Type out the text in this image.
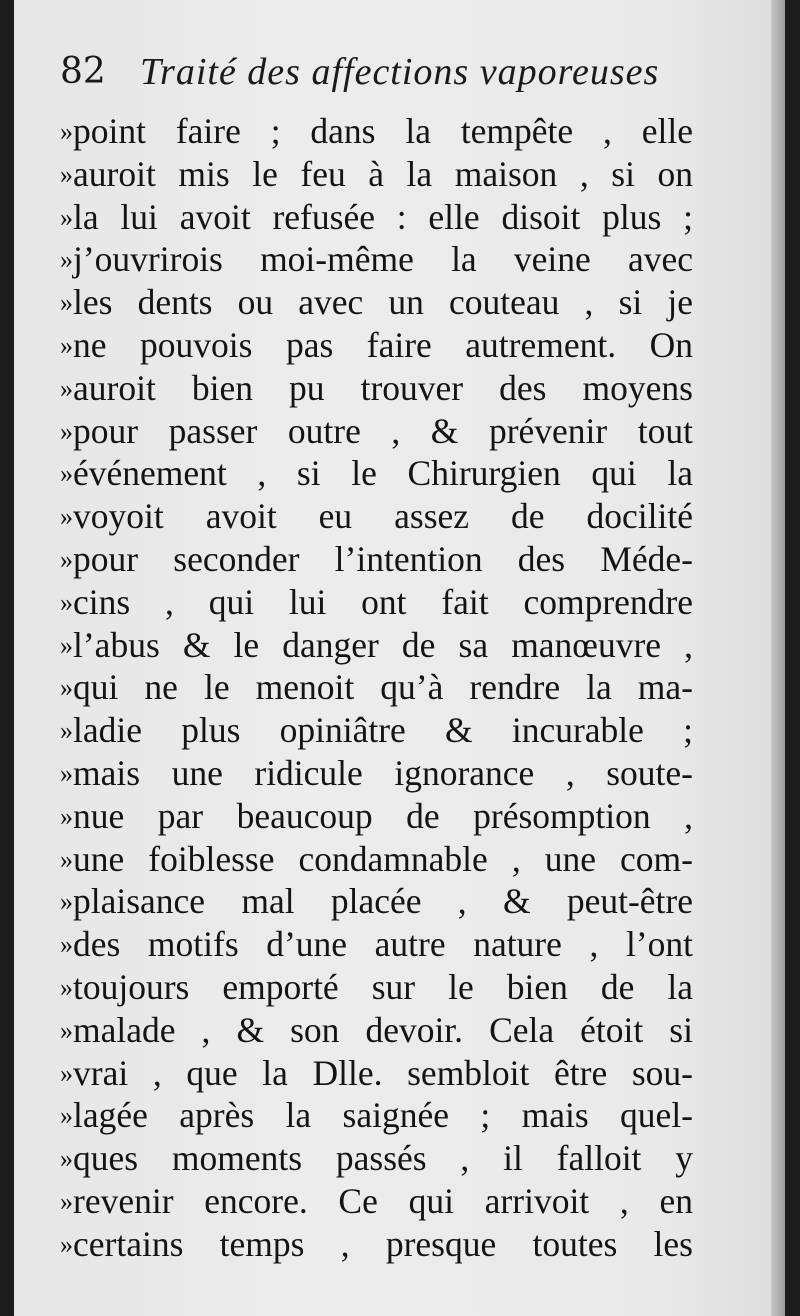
82 Traité des affections vaporeuses
»point faire ; dans la tempête , elle
»auroit mis le feu à la maison , si on
»la lui avoit refusée : elle disoit plus ;
»j’ouvrirois moi-même la veine avec
»les dents ou avec un couteau , si je
»ne pouvois pas faire autrement. On
»auroit bien pu trouver des moyens
»pour passer outre , & prévenir tout
»événement , si le Chirurgien qui la
»voyoit avoit eu assez de docilité
»pour seconder l’intention des Méde-
»cins , qui lui ont fait comprendre
»l’abus & le danger de sa manœuvre ,
»qui ne le menoit qu’à rendre la ma-
»ladie plus opiniâtre & incurable ;
»mais une ridicule ignorance , soute-
»nue par beaucoup de présomption ,
»une foiblesse condamnable , une com-
»plaisance mal placée , & peut-être
»des motifs d’une autre nature , l’ont
»toujours emporté sur le bien de la
»malade , & son devoir. Cela étoit si
»vrai , que la Dlle. sembloit être sou-
»lagée après la saignée ; mais quel-
»ques moments passés , il falloit y
»revenir encore. Ce qui arrivoit , en
»certains temps , presque toutes les
